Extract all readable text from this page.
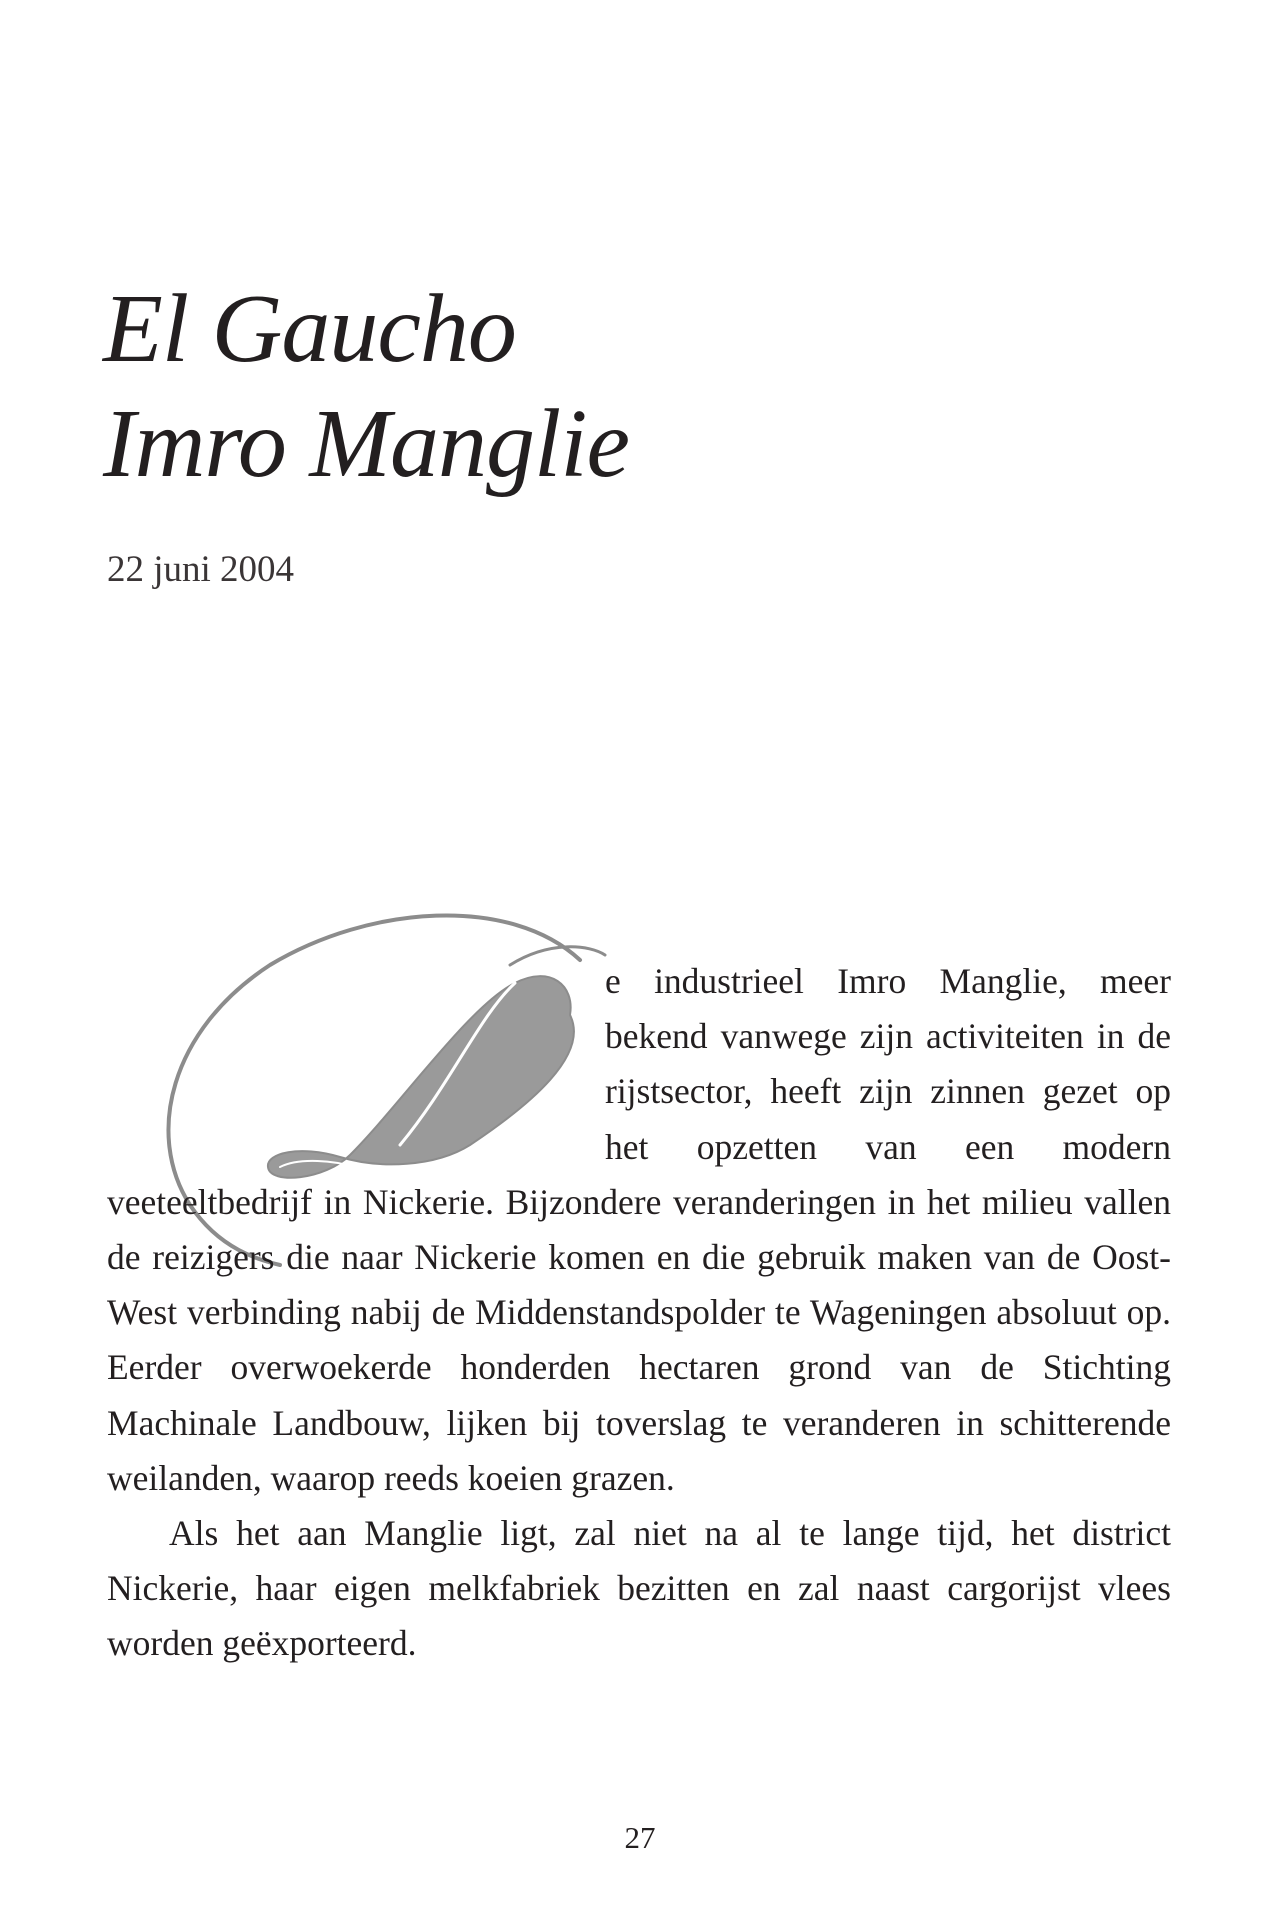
El Gaucho
Imro Manglie
22 juni 2004

e industrieel Imro Manglie, meer bekend vanwege zijn activiteiten in de rijstsector, heeft zijn zinnen gezet op het opzetten van een modern veeteeltbedrijf in Nickerie. Bijzondere veranderingen in het milieu vallen de reizigers die naar Nickerie komen en die gebruik maken van de Oost-West verbinding nabij de Middenstandspolder te Wageningen absoluut op. Eerder overwoekerde honderden hectaren grond van de Stichting Machinale Landbouw, lijken bij toverslag te veranderen in schitterende weilanden, waarop reeds koeien grazen.

Als het aan Manglie ligt, zal niet na al te lange tijd, het district Nickerie, haar eigen melkfabriek bezitten en zal naast cargorijst vlees worden geëxporteerd.

27
